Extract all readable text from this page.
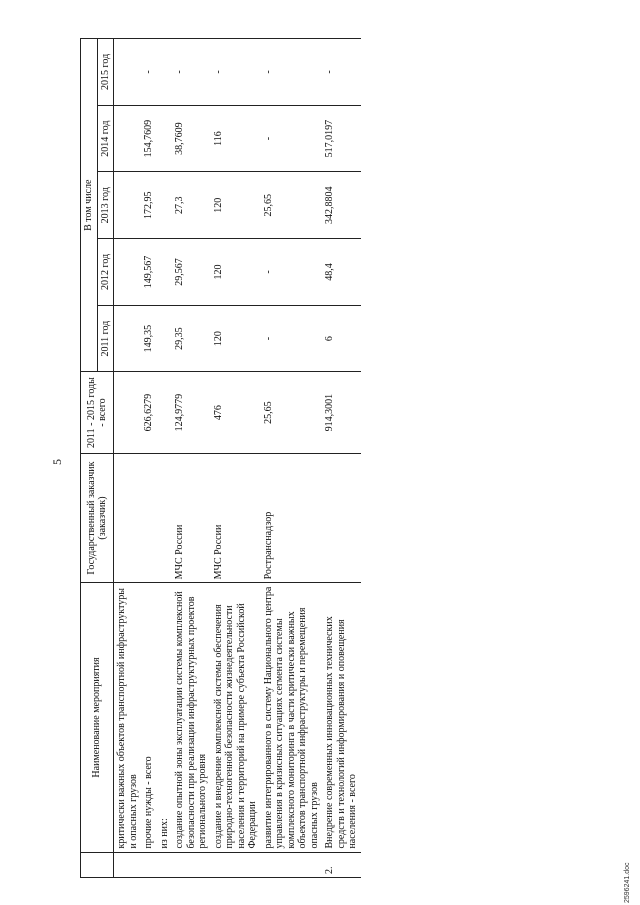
5
	Наименование мероприятия	Государственный заказчик (заказчик)	2011 - 2015 годы - всего	В том числе				
				2011 год	2012 год	2013 год	2014 год	2015 год
	критически важных объектов транспортной инфраструктуры и опасных грузов							
	прочие нужды - всего		626,6279	149,35	149,567	172,95	154,7609	-
	из них:							
	создание опытной зоны эксплуатации системы комплексной безопасности при реализации инфраструктурных проектов регионального уровня	МЧС России	124,9779	29,35	29,567	27,3	38,7609	-
	создание и внедрение комплексной системы обеспечения природно-техногенной безопасности жизнедеятельности населения и территорий на примере субъекта Российской Федерации	МЧС России	476	120	120	120	116	-
	развитие интегрированного в систему Национального центра управления в кризисных ситуациях сегмента системы комплексного мониторинга в части критически важных объектов транспортной инфраструктуры и перемещения опасных грузов	Ространснадзор	25,65	-	-	25,65	-	-
2.	Внедрение современных инновационных технических средств и технологий информирования и оповещения населения - всего		914,3001	6	48,4	342,8804	517,0197	-
2596241.doc
